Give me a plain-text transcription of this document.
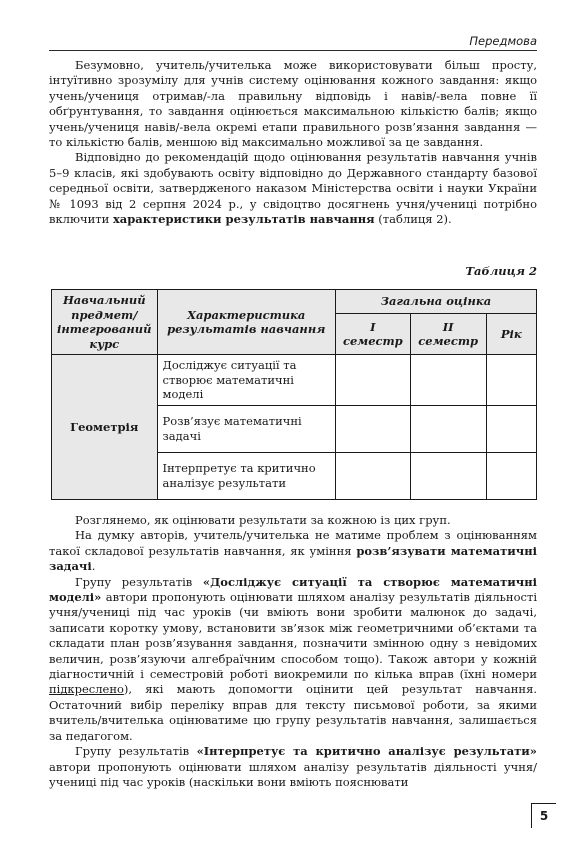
Передмова

Безумовно, учитель/учителька може використовувати більш просту, інтуїтивно зрозумілу для учнів систему оцінювання кожного завдання: якщо учень/учениця отримав/-ла правильну відповідь і навів/-вела повне її обґрунтування, то завдання оцінюється максимальною кількістю балів; якщо учень/учениця навів/-вела окремі етапи правильного розв’язання завдання — то кількістю балів, меншою від максимально можливої за це завдання.

Відповідно до рекомендацій щодо оцінювання результатів навчання учнів 5–9 класів, які здобувають освіту відповідно до Державного стандарту базової середньої освіти, затвердженого наказом Міністерства освіти і науки України № 1093 від 2 серпня 2024 р., у свідоцтво досягнень учня/учениці потрібно включити характеристики результатів навчання (таблиця 2).

Таблиця 2
Навчальний предмет/ інтегрований курс	Характеристика результатів навчання	Загальна оцінка		
		I семестр	II семестр	Рік
Геометрія	Досліджує ситуації та створює математичні моделі			
	Розв’язує математичні задачі			
	Інтерпретує та критично аналізує результати			

Розглянемо, як оцінювати результати за кожною із цих груп.

На думку авторів, учитель/учителька не матиме проблем з оцінюванням такої складової результатів навчання, як уміння розв’язувати математичні задачі.

Групу результатів «Досліджує ситуації та створює математичні моделі» автори пропонують оцінювати шляхом аналізу результатів діяльності учня/учениці під час уроків (чи вміють вони зробити малюнок до задачі, записати коротку умову, встановити зв’язок між геометричними об’єктами та складати план розв’язування завдання, позначити змінною одну з невідомих величин, розв’язуючи алгебраїчним способом тощо). Також автори у кожній діагностичній і семестровій роботі виокремили по кілька вправ (їхні номери підкреслено), які мають допомогти оцінити цей результат навчання. Остаточний вибір переліку вправ для тексту письмової роботи, за якими вчитель/вчителька оцінюватиме цю групу результатів навчання, залишається за педагогом.

Групу результатів «Інтерпретує та критично аналізує результати» автори пропонують оцінювати шляхом аналізу результатів діяльності учня/учениці під час уроків (наскільки вони вміють пояснювати

5
